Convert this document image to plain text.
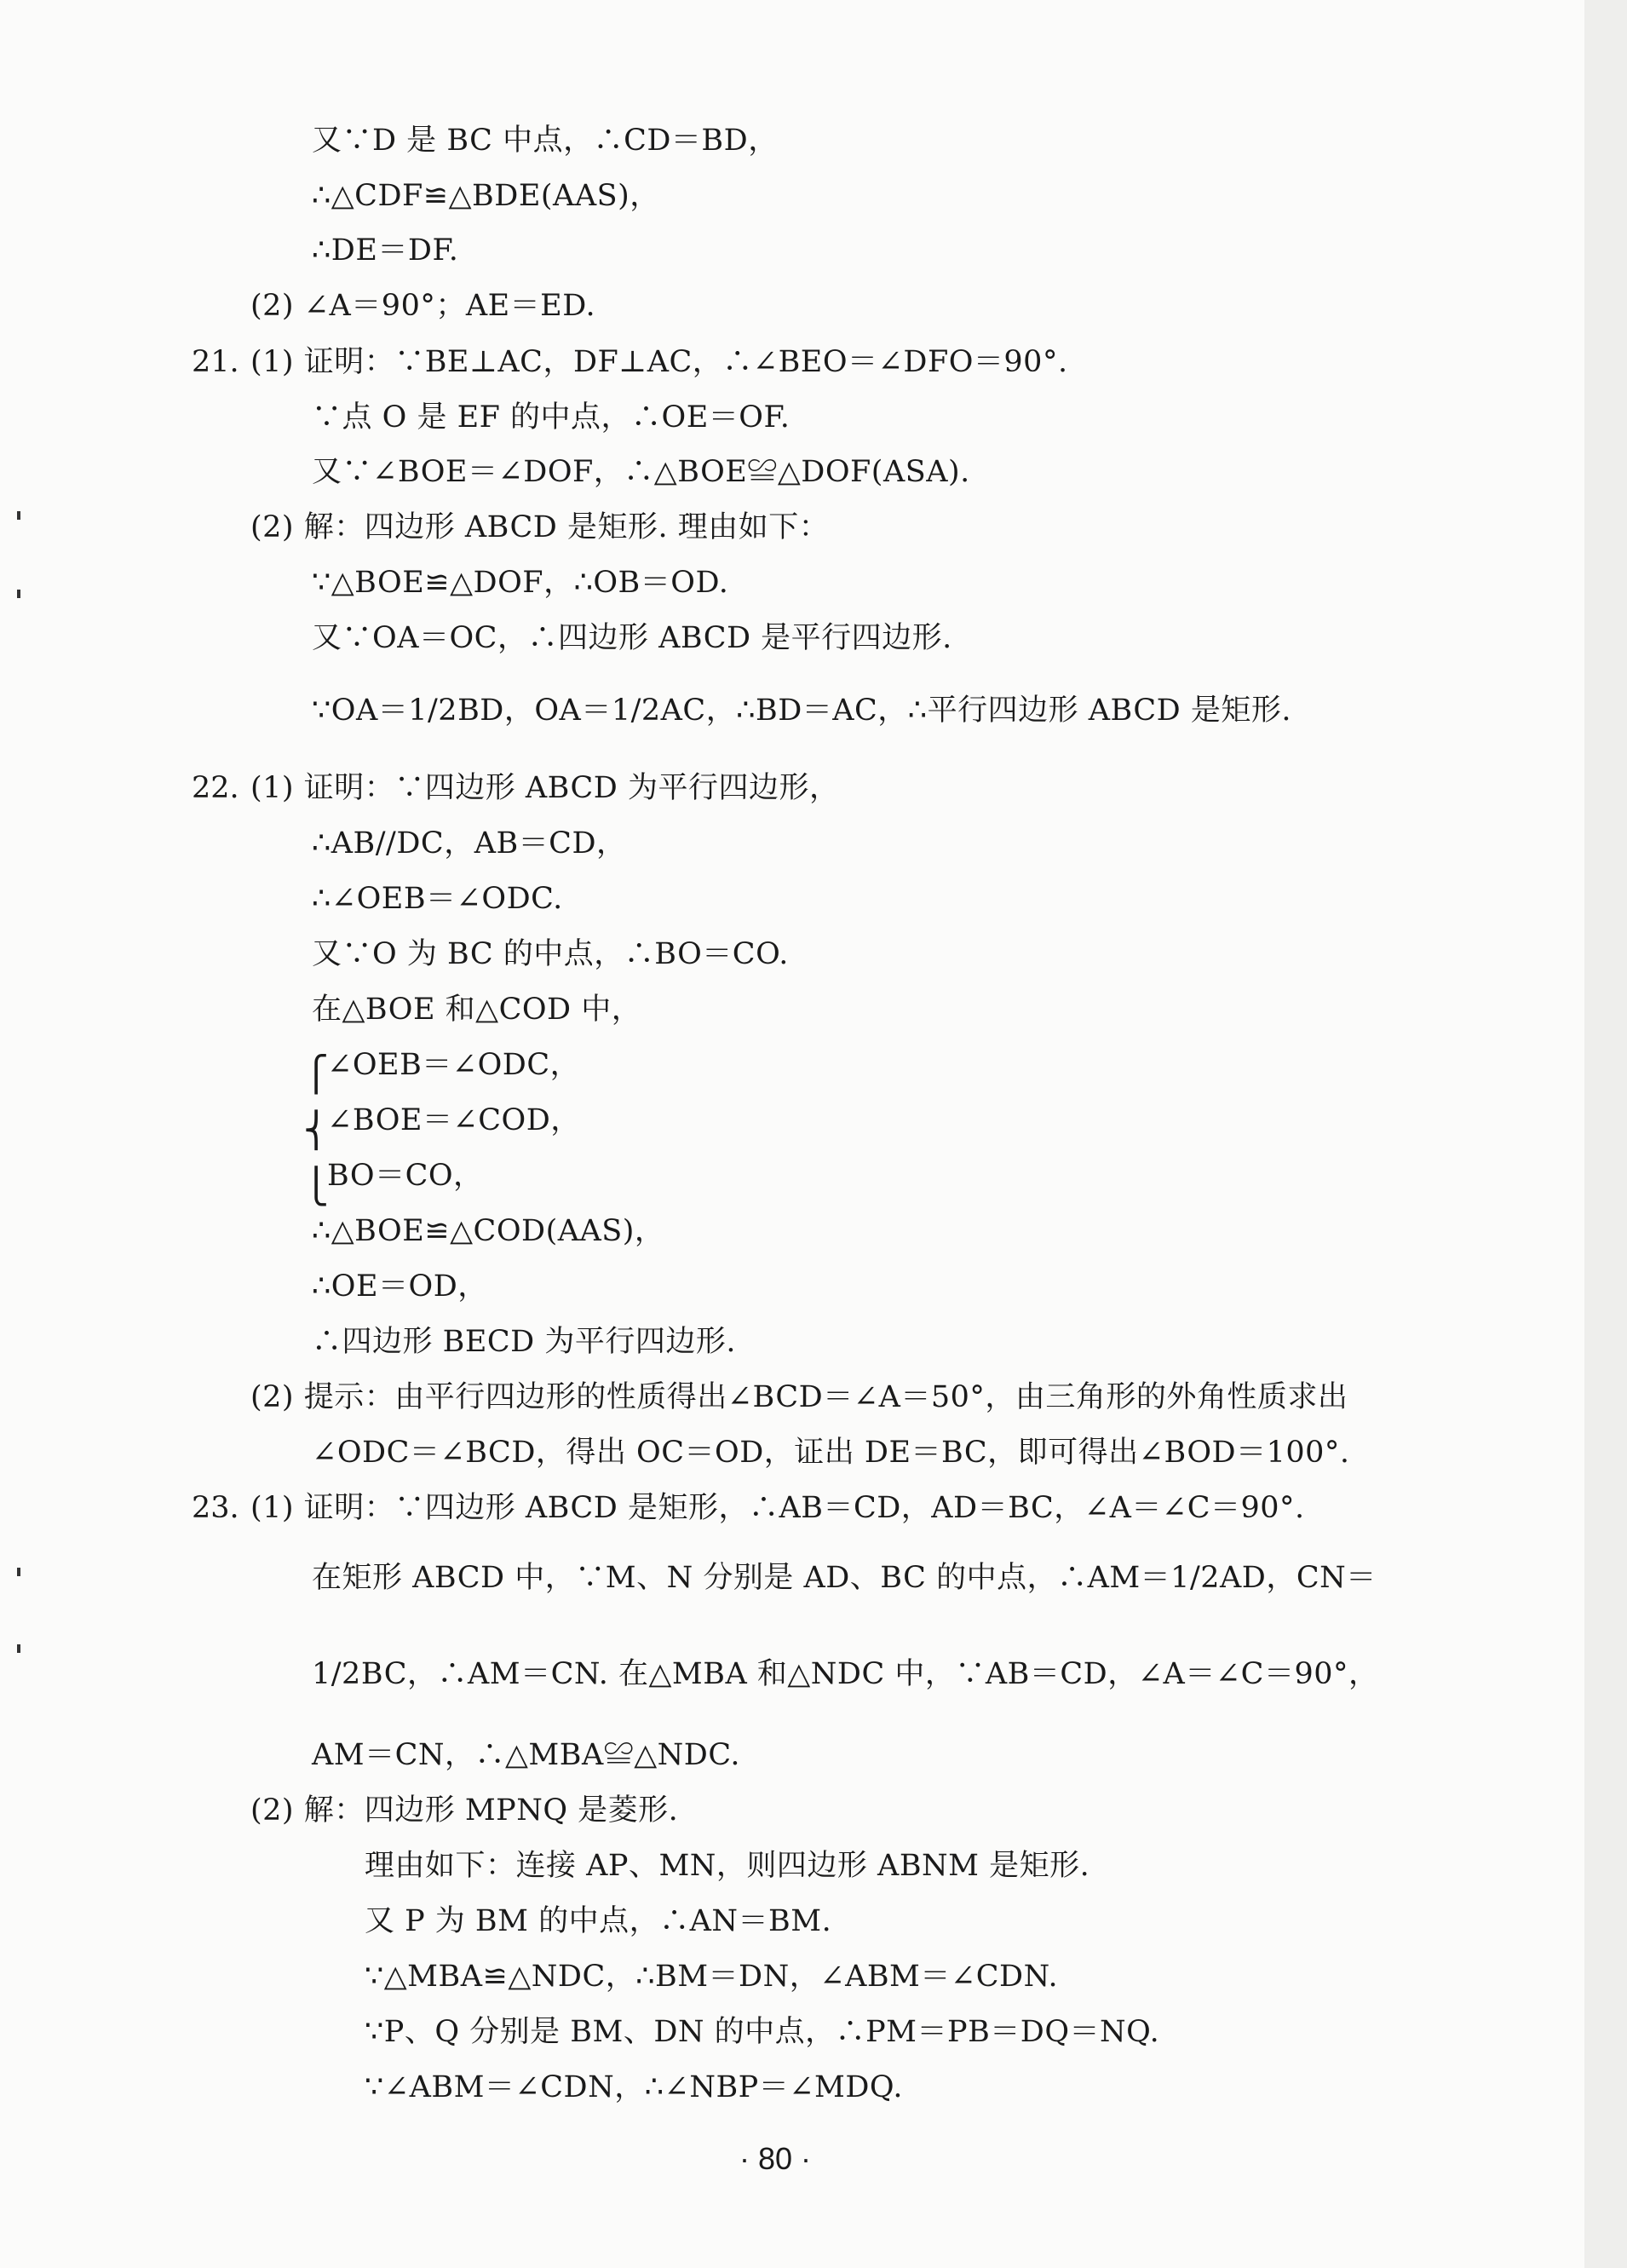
又∵D 是 BC 中点，∴CD＝BD，
∴△CDF≌△BDE(AAS)，
∴DE＝DF.
(2) ∠A＝90°；AE＝ED.
21. (1) 证明：∵BE⊥AC，DF⊥AC，∴∠BEO＝∠DFO＝90°.
∵点 O 是 EF 的中点，∴OE＝OF.
又∵∠BOE＝∠DOF，∴△BOE≌△DOF(ASA).
(2) 解：四边形 ABCD 是矩形. 理由如下：
∵△BOE≌△DOF，∴OB＝OD.
又∵OA＝OC，∴四边形 ABCD 是平行四边形.
∵OA＝1/2BD，OA＝1/2AC，∴BD＝AC，∴平行四边形 ABCD 是矩形.
22. (1) 证明：∵四边形 ABCD 为平行四边形，
∴AB//DC，AB＝CD，
∴∠OEB＝∠ODC.
又∵O 为 BC 的中点，∴BO＝CO.
在△BOE 和△COD 中，
⎧
⎨
⎩
∠OEB＝∠ODC，
∠BOE＝∠COD，
BO＝CO，
∴△BOE≌△COD(AAS)，
∴OE＝OD，
∴四边形 BECD 为平行四边形.
(2) 提示：由平行四边形的性质得出∠BCD＝∠A＝50°，由三角形的外角性质求出
∠ODC＝∠BCD，得出 OC＝OD，证出 DE＝BC，即可得出∠BOD＝100°.
23. (1) 证明：∵四边形 ABCD 是矩形，∴AB＝CD，AD＝BC，∠A＝∠C＝90°.
在矩形 ABCD 中，∵M、N 分别是 AD、BC 的中点，∴AM＝1/2AD，CN＝
1/2BC，∴AM＝CN. 在△MBA 和△NDC 中，∵AB＝CD，∠A＝∠C＝90°，
AM＝CN，∴△MBA≌△NDC.
(2) 解：四边形 MPNQ 是菱形.
理由如下：连接 AP、MN，则四边形 ABNM 是矩形.
又 P 为 BM 的中点，∴AN＝BM.
∵△MBA≌△NDC，∴BM＝DN，∠ABM＝∠CDN.
∵P、Q 分别是 BM、DN 的中点，∴PM＝PB＝DQ＝NQ.
∵∠ABM＝∠CDN，∴∠NBP＝∠MDQ.
· 80 ·
